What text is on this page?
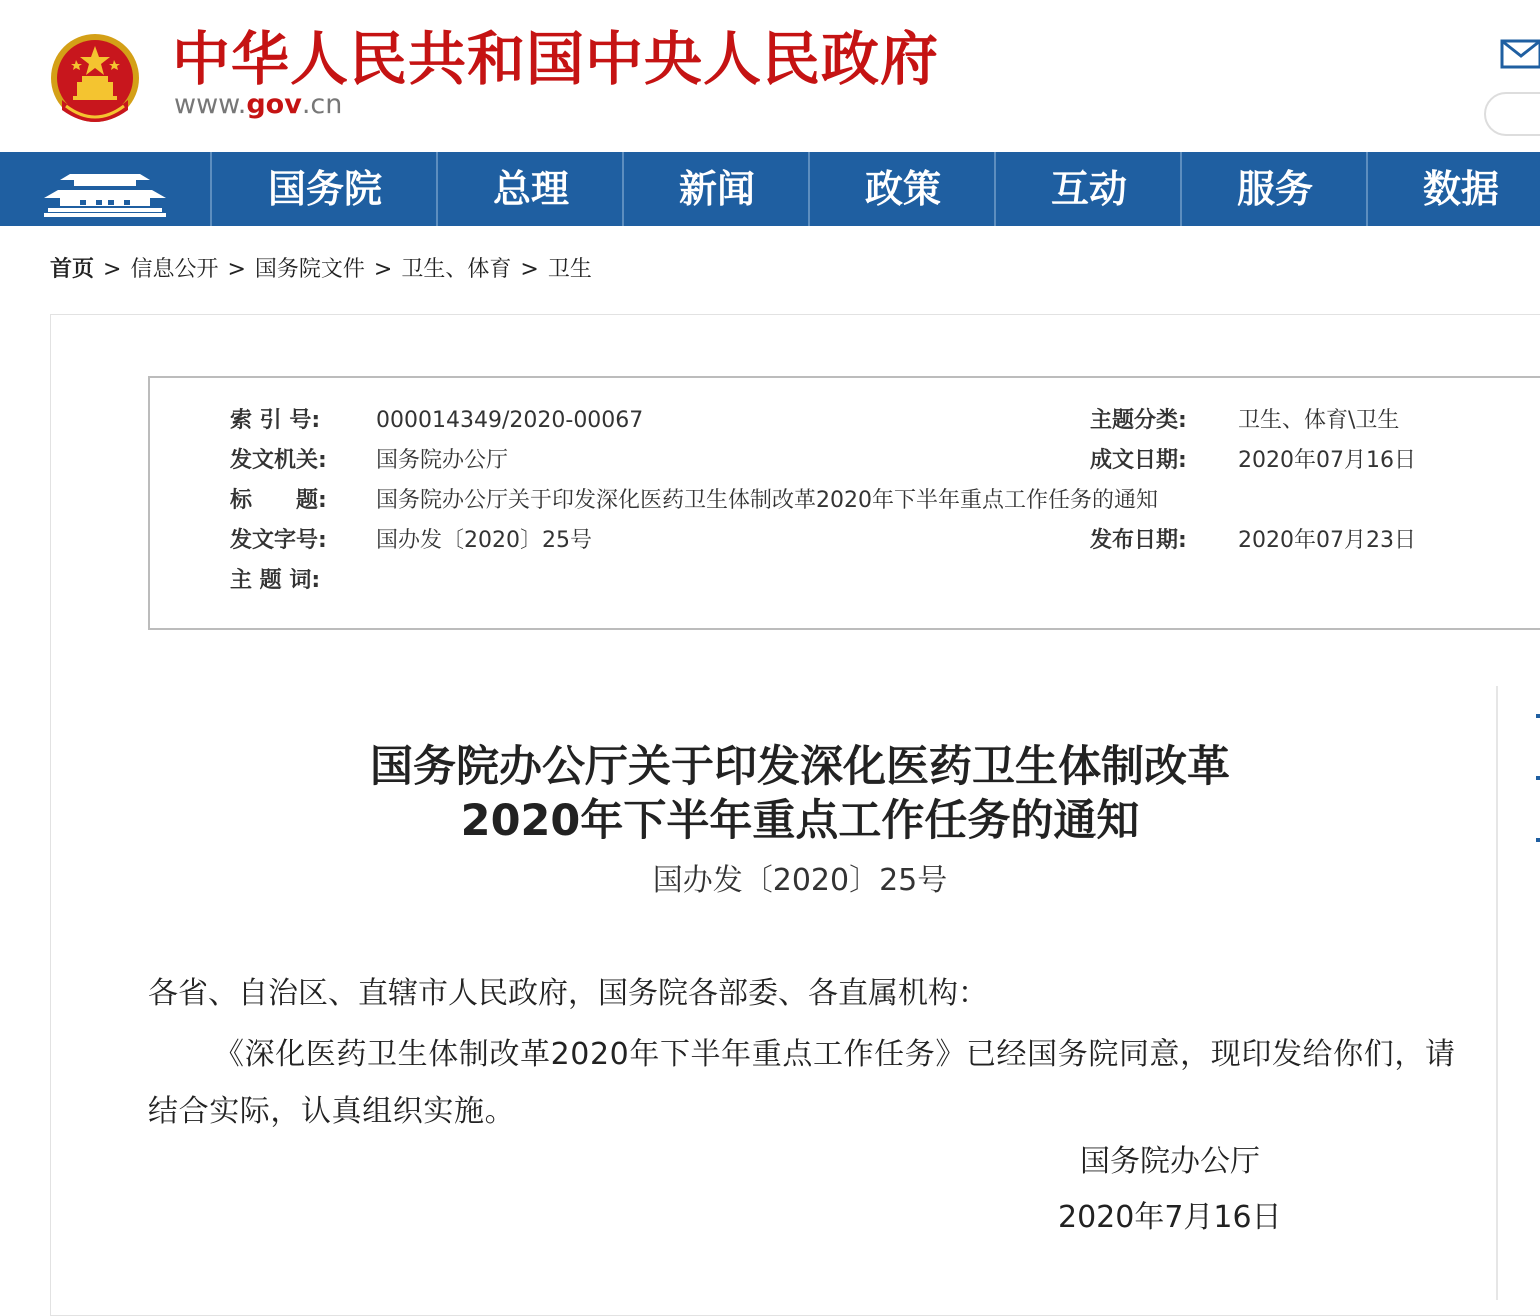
中华人民共和国中央人民政府
www.gov.cn
国务院	总理	新闻	政策	互动	服务	数据
首页 > 信息公开 > 国务院文件 > 卫生、体育 > 卫生
索 引 号:	000014349/2020-00067	主题分类: 卫生、体育\卫生
发文机关: 国务院办公厅	成文日期: 2020年07月16日
标　　题: 国务院办公厅关于印发深化医药卫生体制改革2020年下半年重点工作任务的通知
发文字号: 国办发〔2020〕25号	发布日期: 2020年07月23日
主 题 词:
国务院办公厅关于印发深化医药卫生体制改革
2020年下半年重点工作任务的通知
国办发〔2020〕25号
各省、自治区、直辖市人民政府，国务院各部委、各直属机构：
《深化医药卫生体制改革2020年下半年重点工作任务》已经国务院同意，现印发给你们，请结合实际，认真组织实施。
国务院办公厅
2020年7月16日
